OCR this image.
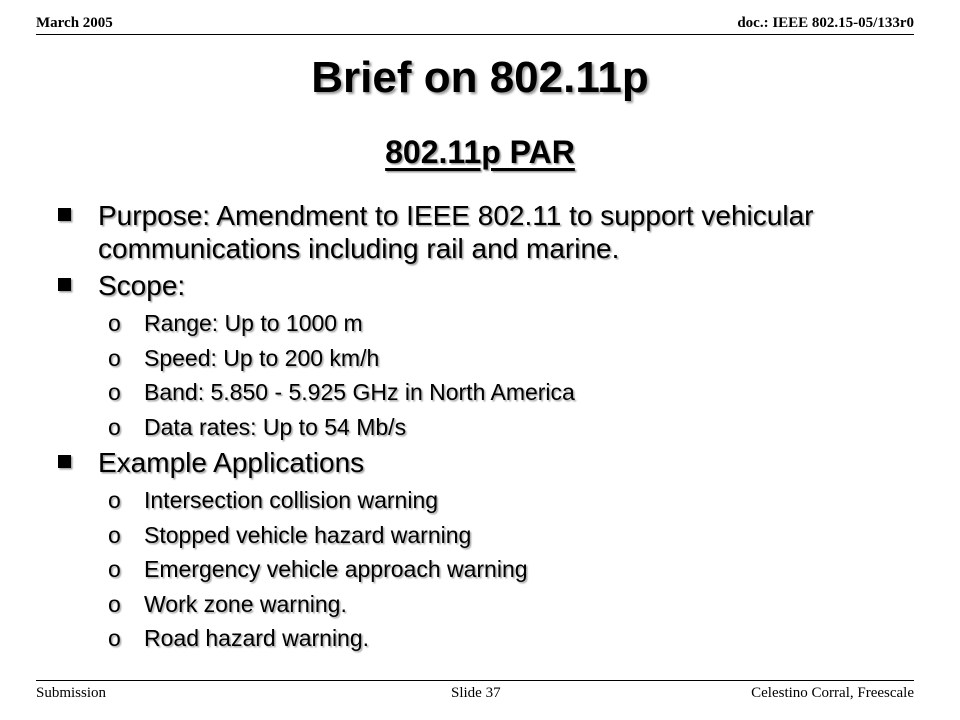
March 2005	doc.: IEEE 802.15-05/133r0
Brief on 802.11p
802.11p PAR
Purpose: Amendment to IEEE 802.11 to support vehicular communications including rail and marine.
Scope:
o Range: Up to 1000 m
o Speed: Up to 200 km/h
o Band: 5.850 - 5.925 GHz in North America
o Data rates: Up to 54 Mb/s
Example Applications
o Intersection collision warning
o Stopped vehicle hazard warning
o Emergency vehicle approach warning
o Work zone warning.
o Road hazard warning.
Submission	Slide 37	Celestino Corral, Freescale
